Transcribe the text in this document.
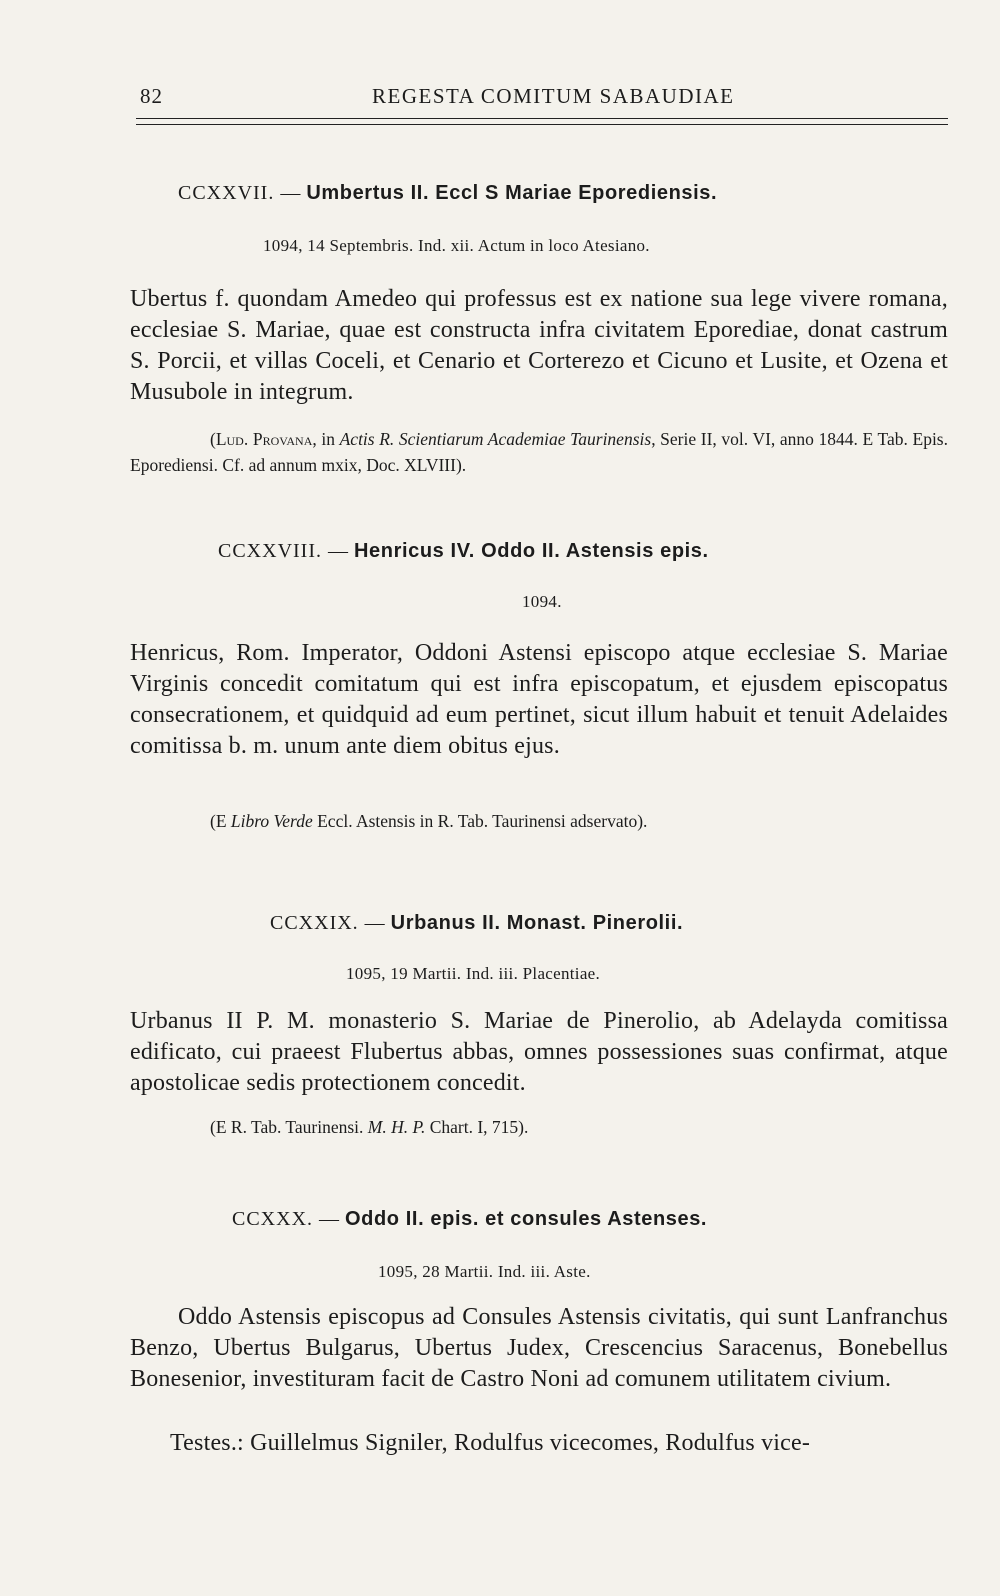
82	REGESTA COMITUM SABAUDIAE
CCXXVII. — Umbertus II. Eccl S Mariae Eporediensis.
1094, 14 Septembris. Ind. xii. Actum in loco Atesiano.
Ubertus f. quondam Amedeo qui professus est ex natione sua lege vivere romana, ecclesiae S. Mariae, quae est constructa infra civitatem Eporediae, donat castrum S. Porcii, et villas Coceli, et Cenario et Corterezo et Cicuno et Lusite, et Ozena et Musubole in integrum.
(Lud. Provana, in Actis R. Scientiarum Academiae Taurinensis, Serie II, vol. VI, anno 1844. E Tab. Epis. Eporediensi. Cf. ad annum mxix, Doc. XLVIII).
CCXXVIII. — Henricus IV. Oddo II. Astensis epis.
1094.
Henricus, Rom. Imperator, Oddoni Astensi episcopo atque ecclesiae S. Mariae Virginis concedit comitatum qui est infra episcopatum, et ejusdem episcopatus consecrationem, et quidquid ad eum pertinet, sicut illum habuit et tenuit Adelaides comitissa b. m. unum ante diem obitus ejus.
(E Libro Verde Eccl. Astensis in R. Tab. Taurinensi adservato).
CCXXIX. — Urbanus II. Monast. Pinerolii.
1095, 19 Martii. Ind. iii. Placentiae.
Urbanus II P. M. monasterio S. Mariae de Pinerolio, ab Adelayda comitissa edificato, cui praeest Flubertus abbas, omnes possessiones suas confirmat, atque apostolicae sedis protectionem concedit.
(E R. Tab. Taurinensi. M. H. P. Chart. I, 715).
CCXXX. — Oddo II. epis. et consules Astenses.
1095, 28 Martii. Ind. iii. Aste.
Oddo Astensis episcopus ad Consules Astensis civitatis, qui sunt Lanfranchus Benzo, Ubertus Bulgarus, Ubertus Judex, Crescencius Saracenus, Bonebellus Bonesenior, investituram facit de Castro Noni ad comunem utilitatem civium.
Testes.: Guillelmus Signiler, Rodulfus vicecomes, Rodulfus vice-
